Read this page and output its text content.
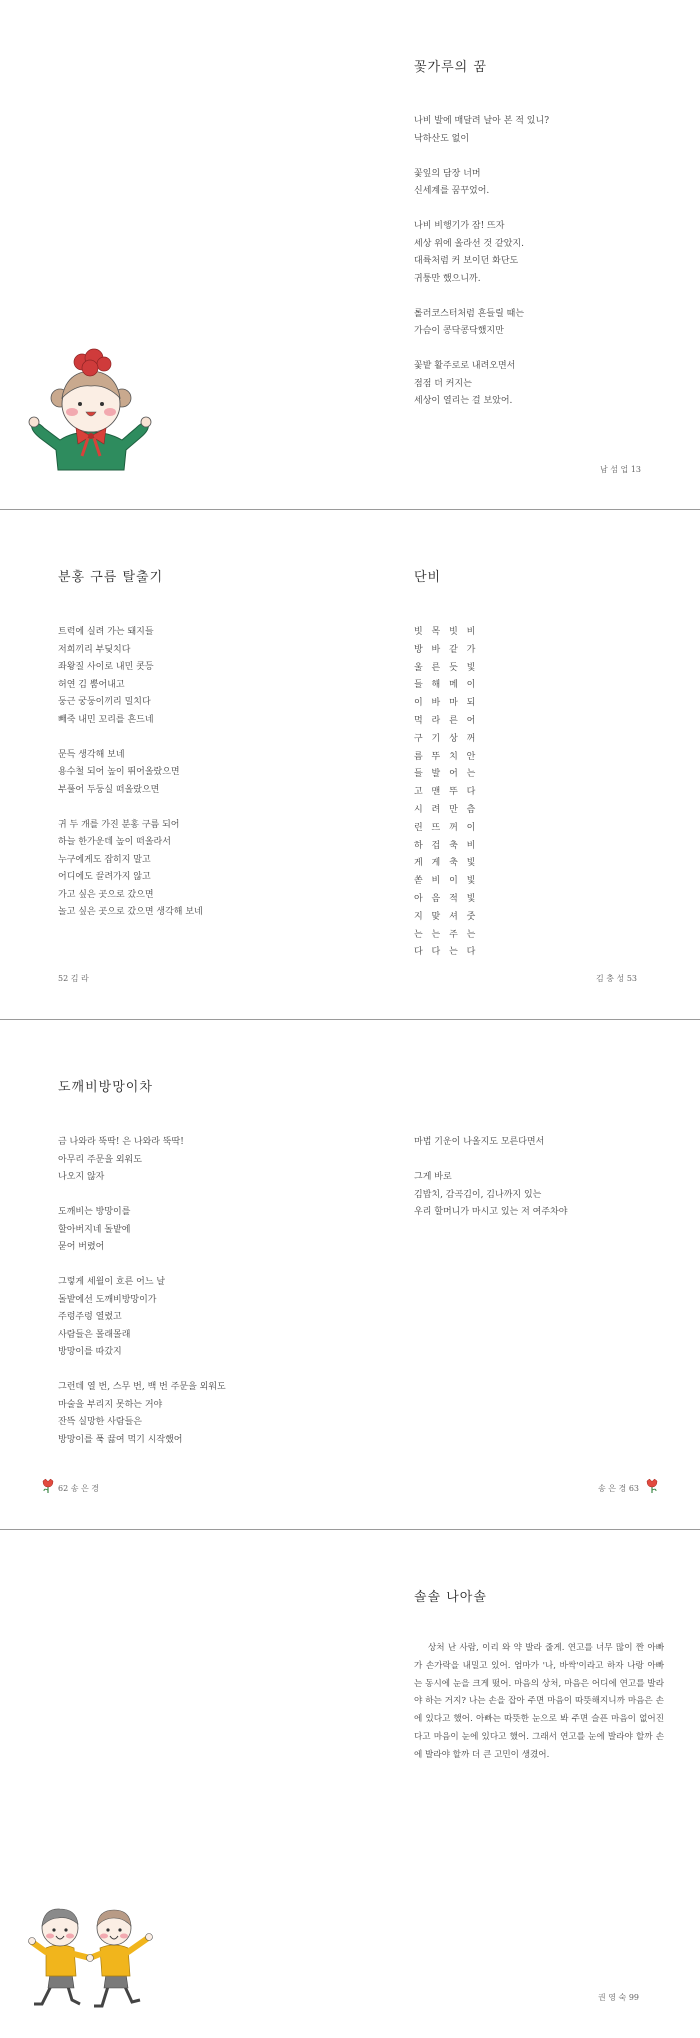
꽃가루의 꿈
나비 발에 매달려 날아 본 적 있니?
낙하산도 없이
꽃잎의 담장 너머
신세계를 꿈꾸었어.
나비 비행기가 잠! 뜨자
세상 위에 올라선 것 같았지.
대륙처럼 커 보이던 화단도
귀퉁만 했으니까.
롤러코스터처럼 흔들릴 때는
가슴이 콩닥콩닥했지만
꽃밭 활주로로 내려오면서
점점 더 커지는
세상이 열리는 걸 보았어.
남 섬 업 13
분홍 구름 탈출기
트럭에 실려 가는 돼지들
저희끼리 부딪치다
좌왕질 사이로 내민 콧등
허연 김 뿜어내고
둥근 궁둥이끼리 밀치다
빼죽 내민 꼬리를 흔드네
문득 생각해 보네
용수철 되어 높이 뛰어올랐으면
부풀어 두둥실 떠올랐으면
귀 두 개를 가진 분홍 구름 되어
하늘 한가운데 높이 떠올라서
누구에게도 잡히지 말고
어디에도 끌려가지 않고
가고 싶은 곳으로 갔으면
놀고 싶은 곳으로 갔으면 생각해 보네
52 김 라
단비
빗 목 빗 비
방 바 같 가
울 른 듯 빛
들 해 메 이
이 바 마 되
먹 라 른 어
구 기 상 꺼
름 뚜 치 안
들 발 어 는
고 맨 뚜 다
시 려 만 츰
린 뜨 꺼 이
하 겁 축 비
게 게 축 빛
쏟 비 이 빛
아 음 적 빛
지 맞 셔 줏
는 는 주 는
다 다 는 다
김 충 성 53
도깨비방망이차
금 나와라 뚝딱! 은 나와라 뚝딱!
아무리 주문을 외워도
나오지 않자
도깨비는 방망이를
할아버지네 돌밭에
묻어 버렸어
그렇게 세월이 흐른 어느 날
돌밭에선 도깨비방망이가
주렁주렁 열렸고
사람들은 몰래몰래
방망이를 따갔지
그런데 열 번, 스무 번, 백 번 주문을 외워도
마술을 부리지 못하는 거야
잔뜩 실망한 사람들은
방망이를 푹 끓여 먹기 시작했어
62 송 은 경
마법 기운이 나올지도 모른다면서
그게 바로
김밥치, 감곡김이, 김나까지 있는
우리 할머니가 마시고 있는 저 여주차야
송 은 경 63
솔솔 나아솔
상처 난 사람, 이리 와 약 발라 줄게. 연고를 너무 많이 짠 아빠가 손가락을 내밀고 있어. 엄마가 '나, 바싹'이라고 하자 나랑 아빠는 동시에 눈을 크게 떴어. 마음의 상처, 마음은 어디에 연고를 발라야 하는 거지? 나는 손을 잡아 주면 마음이 따뜻해지니까 마음은 손에 있다고 했어. 아빠는 따뜻한 눈으로 봐 주면 슬픈 마음이 없어진다고 마음이 눈에 있다고 했어. 그래서 연고를 눈에 발라야 할까 손에 발라야 할까 더 큰 고민이 생겼어.
권 영 숙 99
